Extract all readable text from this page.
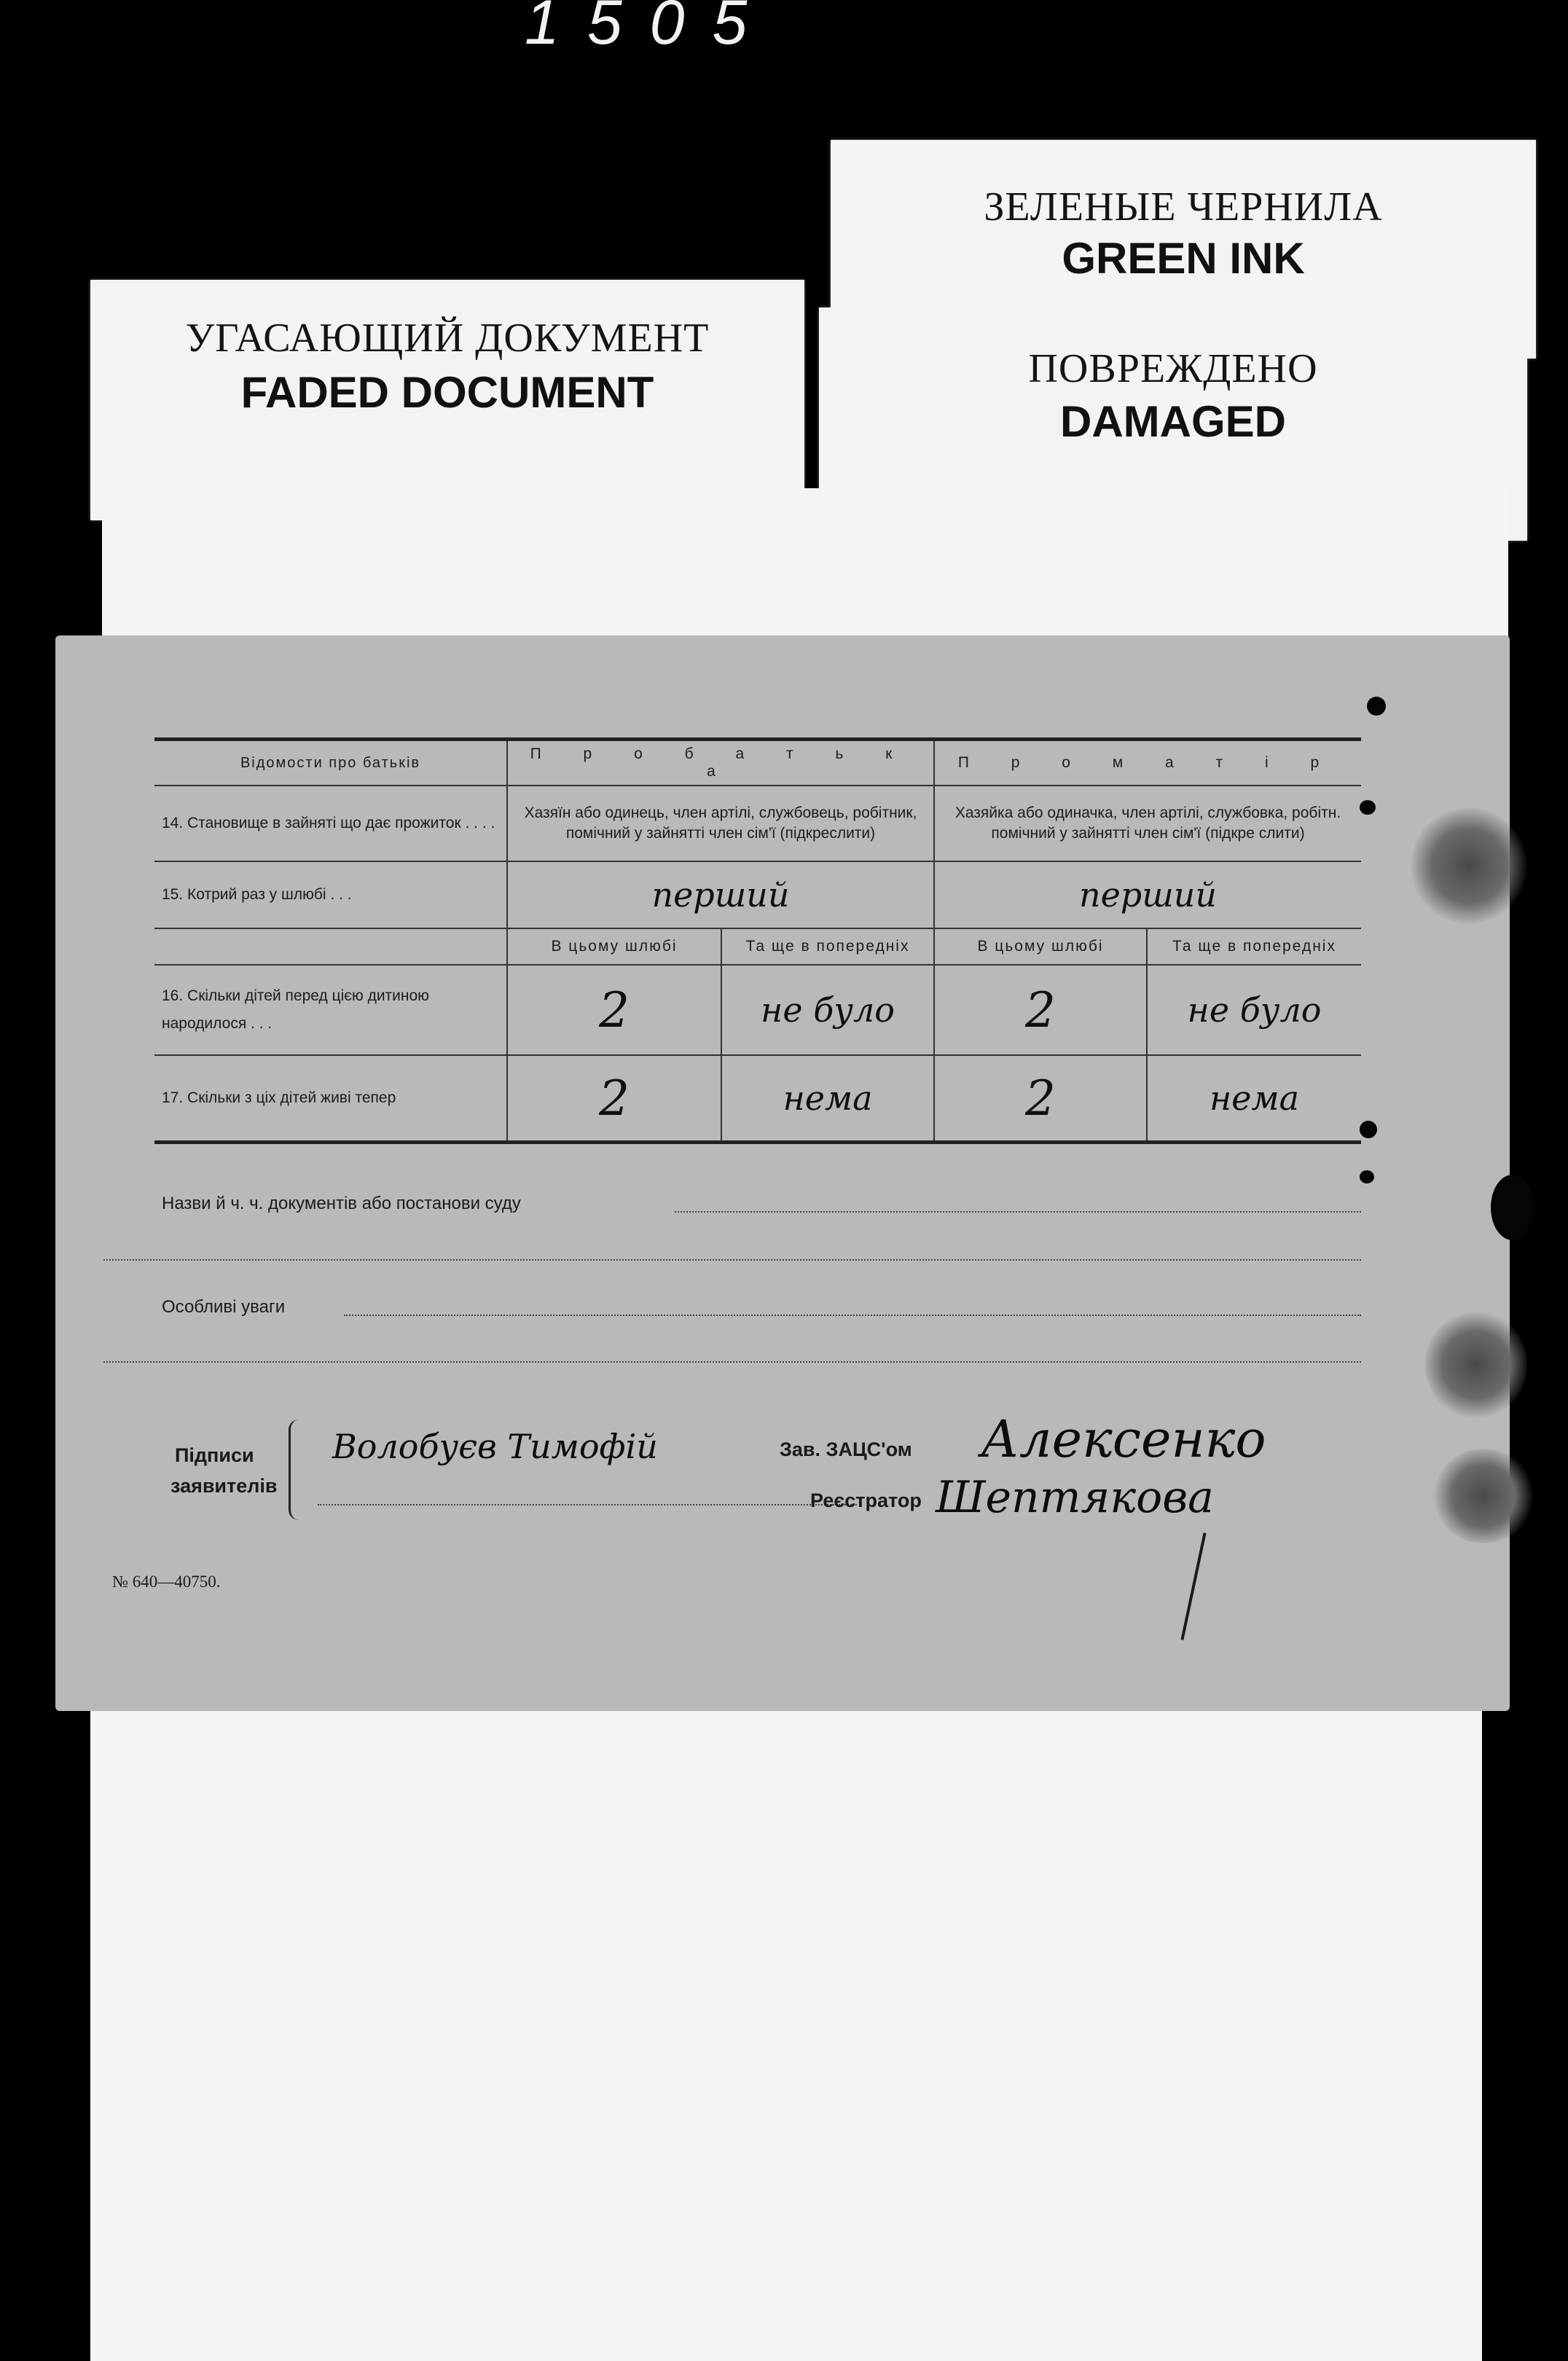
1505
ЗЕЛЕНЫЕ ЧЕРНИЛА
GREEN INK
УГАСАЮЩИЙ ДОКУМЕНТ
FADED DOCUMENT	ПОВРЕЖДЕНО
DAMAGED
Відомости про батьків	П р о б а т ь к а		П р о м а т і р	
14. Становище в зайняті що дає прожиток . . . .	Хазяїн або одинець, член артілі, службовець, робітник, помічний у зайнятті член сім'ї (підкреслити)		Хазяйка або одиначка, член артілі, службовка, робітн. помічний у зайнятті член сім'ї (підкре слити)	
15. Котрий раз у шлюбі . . .	перший		перший	
	В цьому шлюбі	Та ще в попередніх	В цьому шлюбі	Та ще в попередніх
16. Скільки дітей перед цією дитиною народилося . . .	2	не було	2	не було
17. Скільки з ціх дітей живі тепер	2	нема	2	нема
Назви й ч. ч. документів або постанови суду
Особливі уваги
Підписи
заявителів
Волобуєв Тимофій	Зав. ЗАЦС'ом Алексенко
Реєстратор Шептякова
№ 640—40750.
